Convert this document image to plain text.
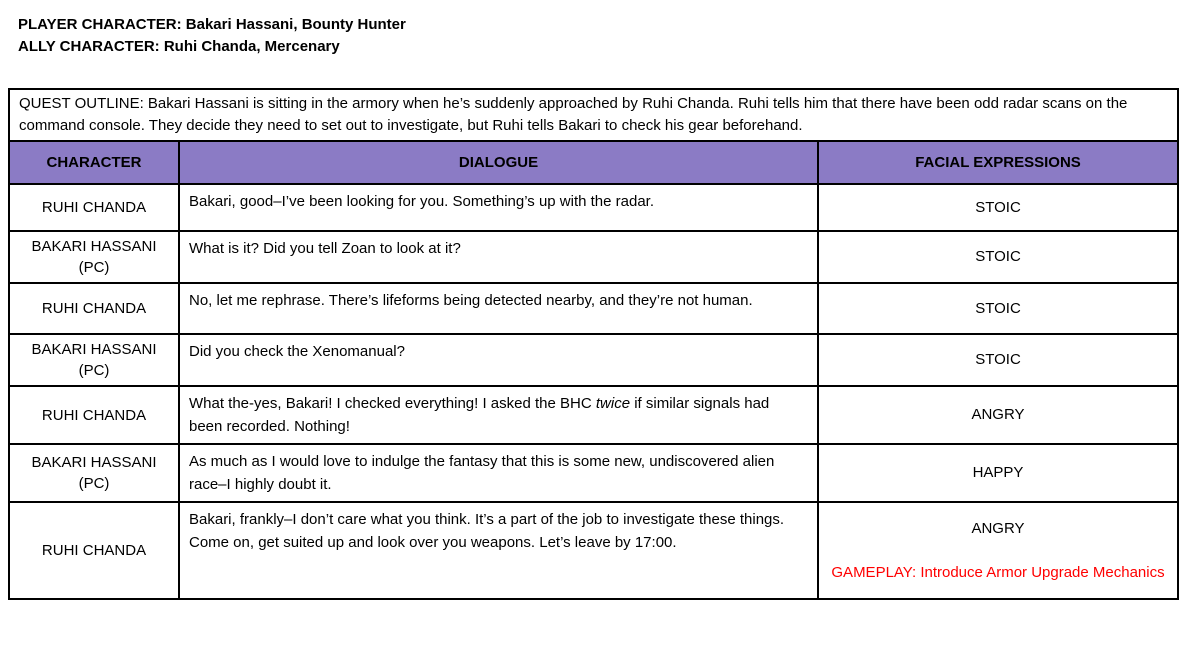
PLAYER CHARACTER: Bakari Hassani, Bounty Hunter
ALLY CHARACTER: Ruhi Chanda, Mercenary
QUEST OUTLINE: Bakari Hassani is sitting in the armory when he’s suddenly approached by Ruhi Chanda. Ruhi tells him that there have been odd radar scans on the command console. They decide they need to set out to investigate, but Ruhi tells Bakari to check his gear beforehand.		
CHARACTER	DIALOGUE	FACIAL EXPRESSIONS
RUHI CHANDA	Bakari, good–I’ve been looking for you. Something’s up with the radar.	STOIC

BAKARI HASSANI (PC)	What is it? Did you tell Zoan to look at it?	STOIC

RUHI CHANDA	No, let me rephrase. There’s lifeforms being detected nearby, and they’re not human.	STOIC

BAKARI HASSANI (PC)	Did you check the Xenomanual?	STOIC

RUHI CHANDA	What the-yes, Bakari! I checked everything! I asked the BHC twice if similar signals had been recorded. Nothing!	ANGRY

BAKARI HASSANI (PC)	As much as I would love to indulge the fantasy that this is some new, undiscovered alien race–I highly doubt it.	HAPPY

RUHI CHANDA	Bakari, frankly–I don’t care what you think. It’s a part of the job to investigate these things. Come on, get suited up and look over you weapons. Let’s leave by 17:00.	ANGRY
GAMEPLAY: Introduce Armor Upgrade Mechanics
